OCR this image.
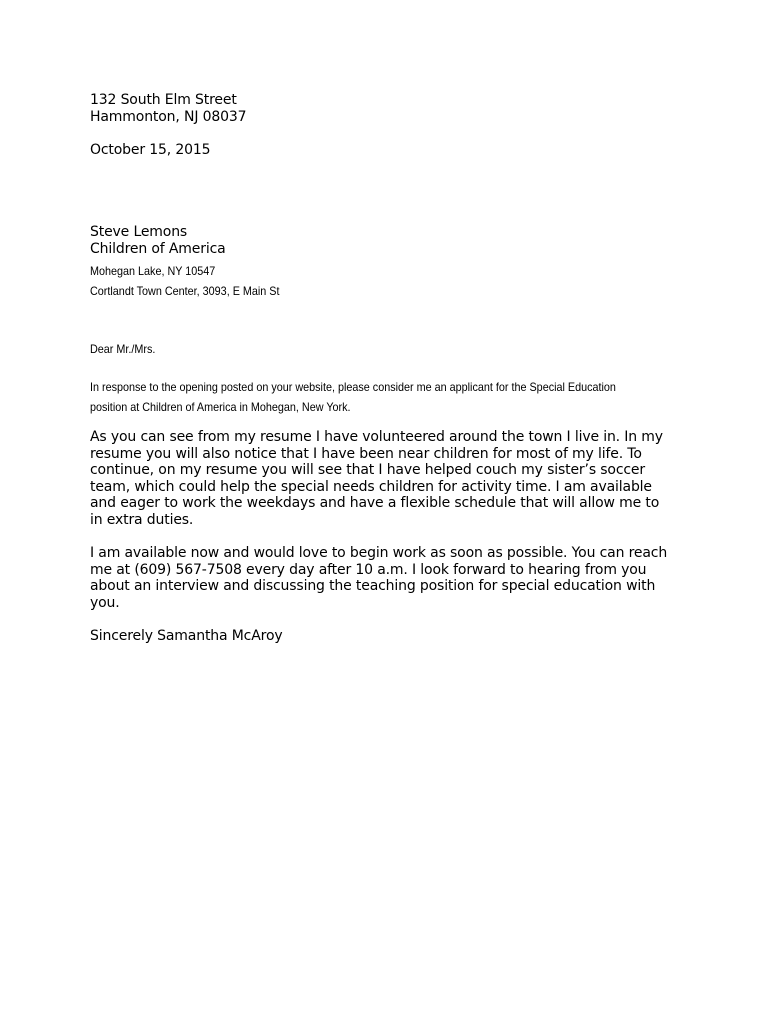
132 South Elm Street
Hammonton, NJ 08037
October 15, 2015
Steve Lemons
Children of America
Mohegan Lake, NY 10547
Cortlandt Town Center, 3093, E Main St
Dear Mr./Mrs.
In response to the opening posted on your website, please consider me an applicant for the Special Education
position at Children of America in Mohegan, New York.
As you can see from my resume I have volunteered around the town I live in. In my
resume you will also notice that I have been near children for most of my life. To
continue, on my resume you will see that I have helped couch my sister’s soccer
team, which could help the special needs children for activity time. I am available
and eager to work the weekdays and have a flexible schedule that will allow me to
in extra duties.
I am available now and would love to begin work as soon as possible. You can reach
me at (609) 567-7508 every day after 10 a.m. I look forward to hearing from you
about an interview and discussing the teaching position for special education with
you.
Sincerely Samantha McAroy
